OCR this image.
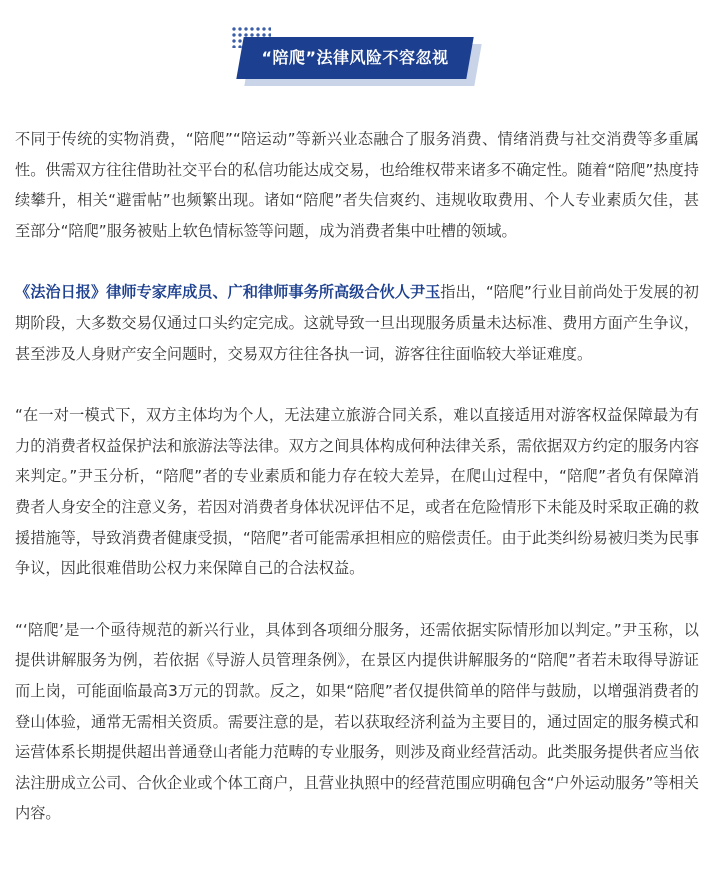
“陪爬”法律风险不容忽视

不同于传统的实物消费，“陪爬”“陪运动”等新兴业态融合了服务消费、情绪消费与社交消费等多重属性。供需双方往往借助社交平台的私信功能达成交易，也给维权带来诸多不确定性。随着“陪爬”热度持续攀升，相关“避雷帖”也频繁出现。诸如“陪爬”者失信爽约、违规收取费用、个人专业素质欠佳，甚至部分“陪爬”服务被贴上软色情标签等问题，成为消费者集中吐槽的领域。

《法治日报》律师专家库成员、广和律师事务所高级合伙人尹玉指出，“陪爬”行业目前尚处于发展的初期阶段，大多数交易仅通过口头约定完成。这就导致一旦出现服务质量未达标准、费用方面产生争议，甚至涉及人身财产安全问题时，交易双方往往各执一词，游客往往面临较大举证难度。

“在一对一模式下，双方主体均为个人，无法建立旅游合同关系，难以直接适用对游客权益保障最为有力的消费者权益保护法和旅游法等法律。双方之间具体构成何种法律关系，需依据双方约定的服务内容来判定。”尹玉分析，“陪爬”者的专业素质和能力存在较大差异，在爬山过程中，“陪爬”者负有保障消费者人身安全的注意义务，若因对消费者身体状况评估不足，或者在危险情形下未能及时采取正确的救援措施等，导致消费者健康受损，“陪爬”者可能需承担相应的赔偿责任。由于此类纠纷易被归类为民事争议，因此很难借助公权力来保障自己的合法权益。

“‘陪爬’是一个亟待规范的新兴行业，具体到各项细分服务，还需依据实际情形加以判定。”尹玉称，以提供讲解服务为例，若依据《导游人员管理条例》，在景区内提供讲解服务的“陪爬”者若未取得导游证而上岗，可能面临最高3万元的罚款。反之，如果“陪爬”者仅提供简单的陪伴与鼓励，以增强消费者的登山体验，通常无需相关资质。需要注意的是，若以获取经济利益为主要目的，通过固定的服务模式和运营体系长期提供超出普通登山者能力范畴的专业服务，则涉及商业经营活动。此类服务提供者应当依法注册成立公司、合伙企业或个体工商户，且营业执照中的经营范围应明确包含“户外运动服务”等相关内容。
